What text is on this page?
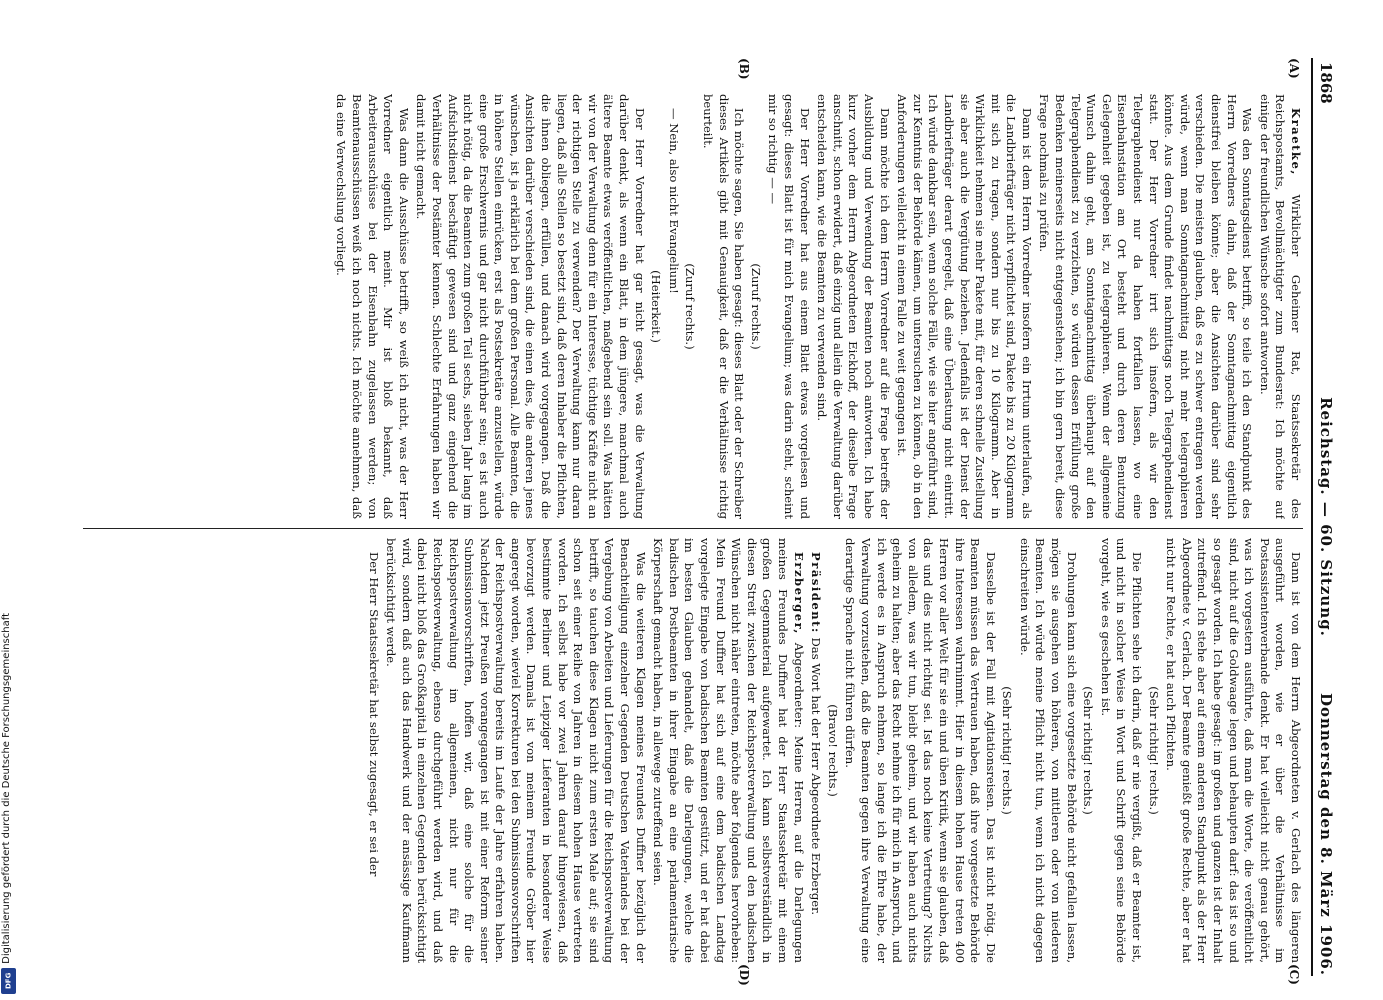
Digitalisierung gefördert durch die Deutsche Forschungsgemeinschaft
DFG
1868
Reichstag. — 60. Sitzung.
Donnerstag den 8. März 1906.
(A)
(B)
(C)
(D)

Kraetke, Wirklicher Geheimer Rat, Staatssekretär des Reichspostamts, Bevollmächtigter zum Bundesrat: Ich möchte auf einige der freundlichen Wünsche sofort antworten.

Was den Sonntagsdienst betrifft, so teile ich den Standpunkt des Herrn Vorredners dahin, daß der Sonntagnachmittag eigentlich dienstfrei bleiben könnte; aber die Ansichten darüber sind sehr verschieden. Die meisten glauben, daß es zu schwer entragen werden würde, wenn man Sonntagnachmittag nicht mehr telegraphieren könnte. Aus dem Grunde findet nachmittags noch Telegraphendienst statt. Der Herr Vorredner irrt sich insofern, als wir den Telegraphendienst nur da haben fortfallen lassen, wo eine Eisenbahnstation am Ort besteht und durch deren Benutzung Gelegenheit gegeben ist, zu telegraphieren. Wenn der allgemeine Wunsch dahin geht, am Sonntagnachmittag überhaupt auf den Telegraphendienst zu verzichten, so würden dessen Erfüllung große Bedenken meinerseits nicht entgegenstehen; ich bin gern bereit, diese Frage nochmals zu prüfen.

Dann ist dem Herrn Vorredner insofern ein Irrtum unterlaufen, als die Landbriefträger nicht verpflichtet sind, Pakete bis zu 20 Kilogramm mit sich zu tragen, sondern nur bis zu 10 Kilogramm. Aber in Wirklichkeit nehmen sie mehr Pakete mit, für deren schnelle Zustellung sie aber auch die Vergütung beziehen. Jedenfalls ist der Dienst der Landbriefträger derart geregelt, daß eine Überlastung nicht eintritt. Ich würde dankbar sein, wenn solche Fälle, wie sie hier angeführt sind, zur Kenntnis der Behörde kämen, um untersuchen zu können, ob in den Anforderungen vielleicht in einem Falle zu weit gegangen ist.

Dann möchte ich dem Herrn Vorredner auf die Frage betreffs der Ausbildung und Verwendung der Beamten noch antworten. Ich habe kurz vorher dem Herrn Abgeordneten Eickhoff, der dieselbe Frage anschnitt, schon erwidert, daß einzig und allein die Verwaltung darüber entscheiden kann, wie die Beamten zu verwenden sind.

Der Herr Vorredner hat aus einem Blatt etwas vorgelesen und gesagt: dieses Blatt ist für mich Evangelium; was darin steht, scheint mir so richtig — —

(Zuruf rechts.)

Ich möchte sagen, Sie haben gesagt: dieses Blatt oder der Schreiber dieses Artikels gibt mit Genauigkeit, daß er die Verhältnisse richtig beurteilt.

(Zuruf rechts.)

— Nein, also nicht Evangelium!

(Heiterkeit.)

Der Herr Vorredner hat gar nicht gesagt, was die Verwaltung darüber denkt, als wenn ein Blatt, in dem jüngere, manchmal auch ältere Beamte etwas veröffentlichen, maßgebend sein soll. Was hätten wir von der Verwaltung denn für ein Interesse, tüchtige Kräfte nicht an der richtigen Stelle zu verwenden? Der Verwaltung kann nur daran liegen, daß alle Stellen so besetzt sind, daß deren Inhaber die Pflichten, die ihnen obliegen, erfüllen, und danach wird vorgegangen. Daß die Ansichten darüber verschieden sind, die einen dies, die anderen jenes wünschen, ist ja erklärlich bei dem großen Personal. Alle Beamten, die in höhere Stellen einrücken, erst als Postsekretäre anzustellen, würde eine große Erschwernis und gar nicht durchführbar sein; es ist auch nicht nötig, da die Beamten zum großen Teil sechs, sieben Jahr lang im Aufsichtsdienst beschäftigt gewesen sind und ganz eingehend die Verhältnisse der Postämter kennen. Schlechte Erfahrungen haben wir damit nicht gemacht.

Was dann die Ausschüsse betrifft, so weiß ich nicht, was der Herr Vorredner eigentlich meint. Mir ist bloß bekannt, daß Arbeiterausschüsse bei der Eisenbahn zugelassen werden; von Beamtenausschüssen weiß ich noch nichts. Ich möchte annehmen, daß da eine Verwechslung vorliegt.

Dann ist von dem Herrn Abgeordneten v. Gerlach des längeren ausgeführt worden, wie er über die Verhältnisse im Postassistentenverbande denkt. Er hat vielleicht nicht genau gehört, was ich vorgestern ausführte, daß man die Worte, die veröffentlicht sind, nicht auf die Goldwaage legen und behaupten darf: das ist so und so gesagt worden. Ich habe gesagt: im großen und ganzen ist der Inhalt zutreffend. Ich stehe aber auf einem anderen Standpunkt als der Herr Abgeordnete v. Gerlach. Der Beamte genießt große Rechte, aber er hat nicht nur Rechte, er hat auch Pflichten.

(Sehr richtig! rechts.)

Die Pflichten sehe ich darin, daß er nie vergißt, daß er Beamter ist, und nicht in solcher Weise in Wort und Schrift gegen seine Behörde vorgeht, wie es geschehen ist.

(Sehr richtig! rechts.)

Drohungen kann sich eine vorgesetzte Behörde nicht gefallen lassen, mögen sie ausgehen von höheren, von mittleren oder von niederen Beamten. Ich würde meine Pflicht nicht tun, wenn ich nicht dagegen einschreiten würde.

(Sehr richtig! rechts.)

Dasselbe ist der Fall mit Agitationsreisen. Das ist nicht nötig. Die Beamten müssen das Vertrauen haben, daß ihre vorgesetzte Behörde ihre Interessen wahrnimmt. Hier in diesem hohen Hause treten 400 Herren vor aller Welt für sie ein und üben Kritik, wenn sie glauben, daß das und dies nicht richtig sei. Ist das noch keine Vertretung? Nichts von alledem, was wir tun, bleibt geheim, und wir haben auch nichts geheim zu halten; aber das Recht nehme ich für mich in Anspruch, und ich werde es in Anspruch nehmen, so lange ich die Ehre habe, der Verwaltung vorzustehen, daß die Beamten gegen ihre Verwaltung eine derartige Sprache nicht führen dürfen.

(Bravo! rechts.)

Präsident: Das Wort hat der Herr Abgeordnete Erzberger.

Erzberger, Abgeordneter: Meine Herren, auf die Darlegungen meines Freundes Duffner hat der Herr Staatssekretär mit einem großen Gegenmaterial aufgewartet. Ich kann selbstverständlich in diesen Streit zwischen der Reichspostverwaltung und den badischen Wünschen nicht näher eintreten, möchte aber folgendes hervorheben: Mein Freund Duffner hat sich auf eine dem badischen Landtag vorgelegte Eingabe von badischen Beamten gestützt, und er hat dabei im besten Glauben gehandelt, daß die Darlegungen, welche die badischen Postbeamten in ihrer Eingabe an eine parlamentarische Körperschaft gemacht haben, in allewege zutreffend seien.

Was die weiteren Klagen meines Freundes Duffner bezüglich der Benachteiligung einzelner Gegenden Deutschen Vaterlandes bei der Vergebung von Arbeiten und Lieferungen für die Reichspostverwaltung betrifft, so tauchen diese Klagen nicht zum ersten Male auf; sie sind schon seit einer Reihe von Jahren in diesem hohen Hause vertreten worden. Ich selbst habe vor zwei Jahren darauf hingewiesen, daß bestimmte Berliner und Leipziger Lieferanten in besonderer Weise bevorzugt werden. Damals ist von meinem Freunde Gröber hier angeregt worden, wieviel Korrekturen bei den Submissionsvorschriften der Reichspostverwaltung bereits im Laufe der Jahre erfahren haben. Nachdem jetzt Preußen vorangegangen ist mit einer Reform seiner Submissionsvorschriften, hoffen wir, daß eine solche für die Reichspostverwaltung im allgemeinen, nicht nur für die Reichspostverwaltung, ebenso durchgeführt werden wird, und daß dabei nicht bloß das Großkapital in einzelnen Gegenden berücksichtigt wird, sondern daß auch das Handwerk und der ansässige Kaufmann berücksichtigt werde.

Der Herr Staatssekretär hat selbst zugesagt, er sei der
